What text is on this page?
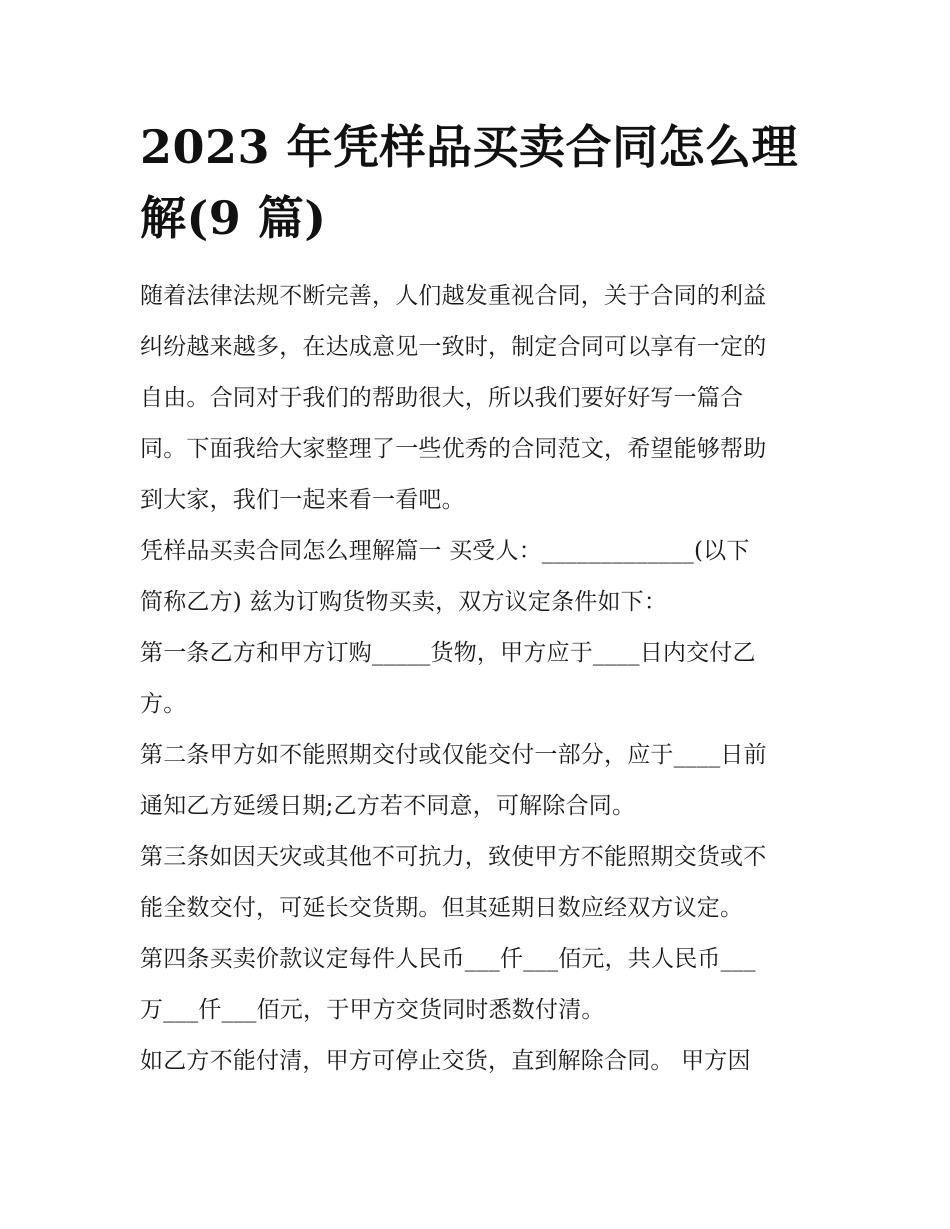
2023 年凭样品买卖合同怎么理
解(9 篇)

随着法律法规不断完善，人们越发重视合同，关于合同的利益
纠纷越来越多，在达成意见一致时，制定合同可以享有一定的
自由。合同对于我们的帮助很大，所以我们要好好写一篇合
同。下面我给大家整理了一些优秀的合同范文，希望能够帮助
到大家，我们一起来看一看吧。

凭样品买卖合同怎么理解篇一 买受人：_____________(以下
简称乙方) 兹为订购货物买卖，双方议定条件如下：

第一条乙方和甲方订购_____货物，甲方应于____日内交付乙
方。

第二条甲方如不能照期交付或仅能交付一部分，应于____日前
通知乙方延缓日期;乙方若不同意，可解除合同。

第三条如因天灾或其他不可抗力，致使甲方不能照期交货或不
能全数交付，可延长交货期。但其延期日数应经双方议定。

第四条买卖价款议定每件人民币___仟___佰元，共人民币___
万___仟___佰元，于甲方交货同时悉数付清。

如乙方不能付清，甲方可停止交货，直到解除合同。 甲方因
